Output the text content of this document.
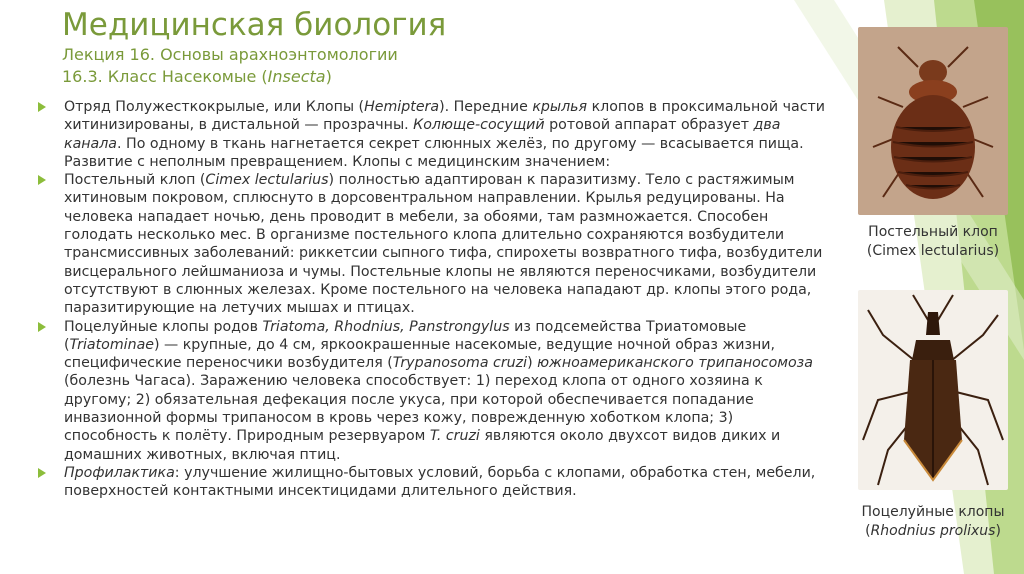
Медицинская биология
Лекция 16. Основы арахноэнтомологии
16.3. Класс Насекомые (Insecta)

Отряд Полужесткокрылые, или Клопы (Hemiptera). Передние крылья клопов в проксимальной части хитинизированы, в дистальной — прозрачны. Колюще-сосущий ротовой аппарат образует два канала. По одному в ткань нагнетается секрет слюнных желёз, по другому — всасывается пища. Развитие с неполным превращением. Клопы с медицинским значением:

Постельный клоп (Cimex lectularius) полностью адаптирован к паразитизму. Тело с растяжимым хитиновым покровом, сплюснуто в дорсовентральном направлении. Крылья редуцированы. На человека нападает ночью, день проводит в мебели, за обоями, там размножается. Способен голодать несколько мес. В организме постельного клопа длительно сохраняются возбудители трансмиссивных заболеваний: риккетсии сыпного тифа, спирохеты возвратного тифа, возбудители висцерального лейшманиоза и чумы. Постельные клопы не являются переносчиками, возбудители отсутствуют в слюнных железах. Кроме постельного на человека нападают др. клопы этого рода, паразитирующие на летучих мышах и птицах.

Поцелуйные клопы родов Triatoma, Rhodnius, Panstrongylus из подсемейства Триатомовые (Triatominae) — крупные, до 4 см, яркоокрашенные насекомые, ведущие ночной образ жизни, специфические переносчики возбудителя (Trypanosoma cruzi) южноамериканского трипаносомоза (болезнь Чагаса). Заражению человека способствует: 1) переход клопа от одного хозяина к другому; 2) обязательная дефекация после укуса, при которой обеспечивается попадание инвазионной формы трипаносом в кровь через кожу, поврежденную хоботком клопа; 3) способность к полёту. Природным резервуаром T. cruzi являются около двухсот видов диких и домашних животных, включая птиц.

Профилактика: улучшение жилищно-бытовых условий, борьба с клопами, обработка стен, мебели, поверхностей контактными инсектицидами длительного действия.

Постельный клоп
(Cimex lectularius)
Поцелуйные клопы
(Rhodnius prolixus)
